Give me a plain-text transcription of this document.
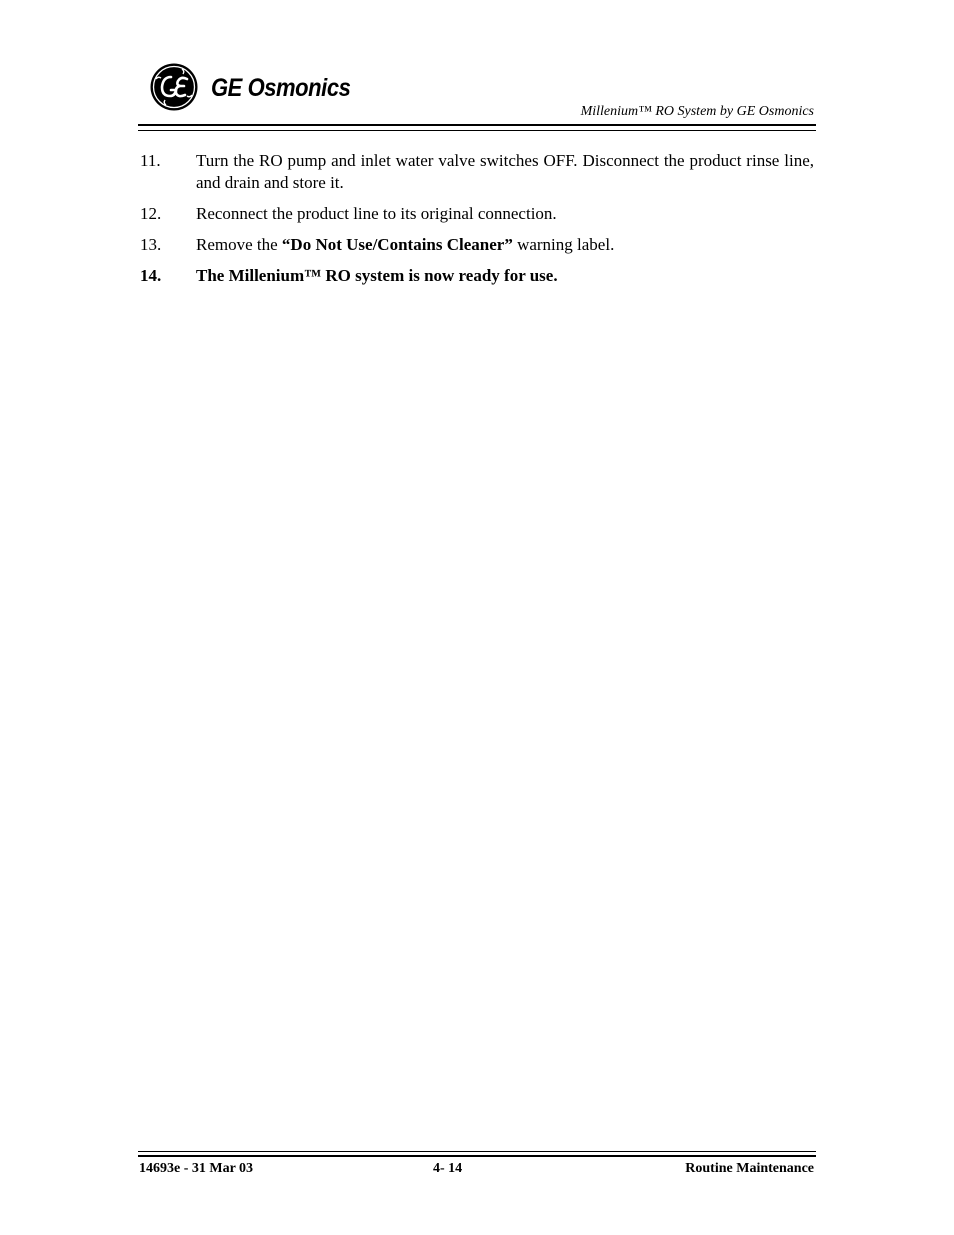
GE Osmonics
Millenium™ RO System by GE Osmonics
11. Turn the RO pump and inlet water valve switches OFF. Disconnect the product rinse line, and drain and store it.
12. Reconnect the product line to its original connection.
13. Remove the “Do Not Use/Contains Cleaner” warning label.
14. The Millenium™ RO system is now ready for use.
14693e - 31 Mar 03	4- 14	Routine Maintenance
